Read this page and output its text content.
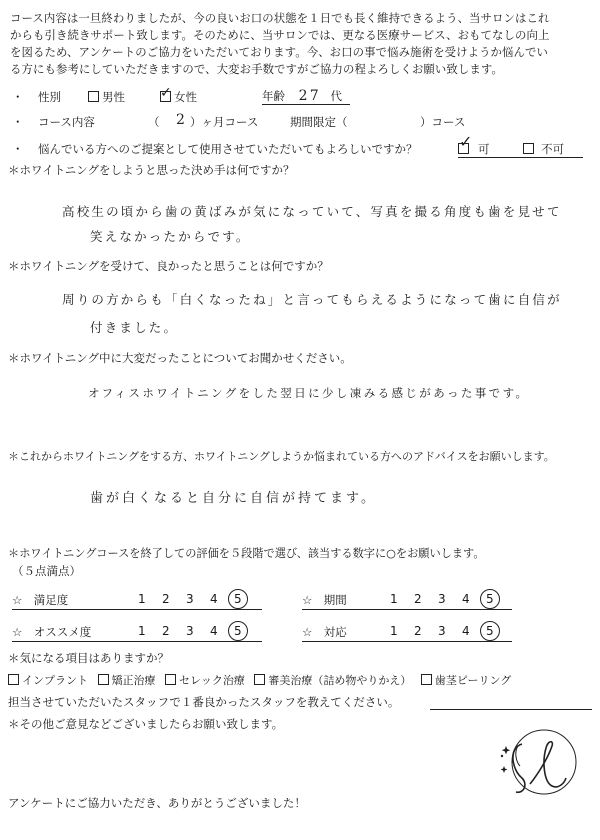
コース内容は一旦終わりましたが、今の良いお口の状態を１日でも長く維持できるよう、当サロンはこれ
からも引き続きサポート致します。そのために、当サロンでは、更なる医療サービス、おもてなしの向上
を図るため、アンケートのご協力をいただいております。今、お口の事で悩み施術を受けようか悩んでい
る方にも参考にしていただきますので、大変お手数ですがご協力の程よろしくお願い致します。
・ 性別	男性	✓ 女性	年齢 27 代
・ コース内容	（ 2 ）ヶ月コース	期間限定（	）コース
・ 悩んでいる方へのご提案として使用させていただいてもよろしいですか？	✓ 可	不可
＊ホワイトニングをしようと思った決め手は何ですか？
高校生の頃から歯の黄ばみが気になっていて、写真を撮る角度も歯を見せて
笑えなかったからです。
＊ホワイトニングを受けて、良かったと思うことは何ですか？
周りの方からも「白くなったね」と言ってもらえるようになって歯に自信が
付きました。
＊ホワイトニング中に大変だったことについてお聞かせください。
オフィスホワイトニングをした翌日に少し凍みる感じがあった事です。
＊これからホワイトニングをする方、ホワイトニングしようか悩まれている方へのアドバイスをお願いします。
歯が白くなると自分に自信が持てます。
＊ホワイトニングコースを終了しての評価を５段階で選び、該当する数字に○をお願いします。
（５点満点）
☆　満足度	1 2 3 4 5	☆　期間	1 2 3 4 5
☆　オススメ度	1 2 3 4 5	☆　対応	1 2 3 4 5
＊気になる項目はありますか？
インプラント 矯正治療 セレック治療 審美治療（詰め物やりかえ） 歯茎ピーリング
担当させていただいたスタッフで１番良かったスタッフを教えてください。
＊その他ご意見などございましたらお願い致します。
アンケートにご協力いただき、ありがとうございました！
